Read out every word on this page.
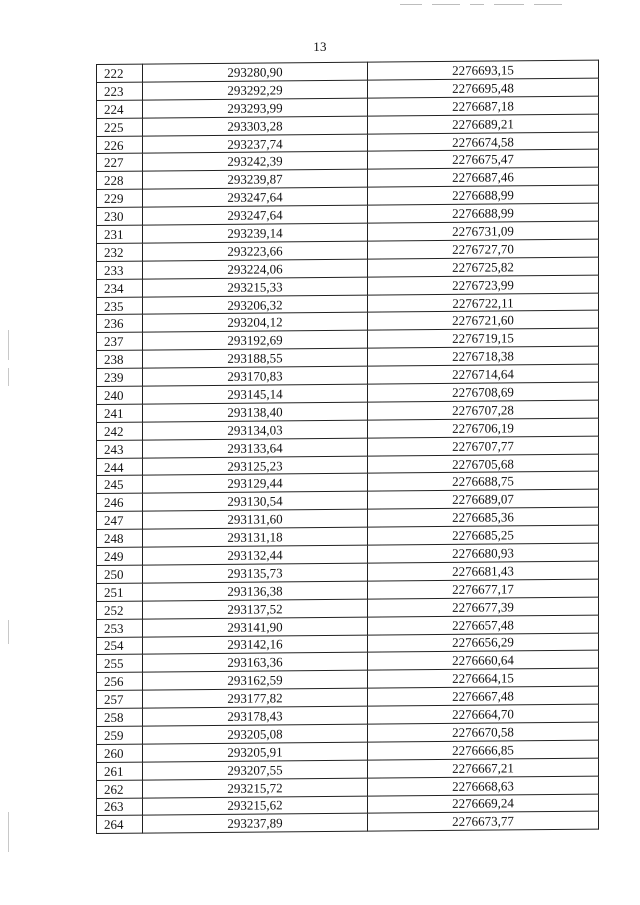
13
222	293280,90	2276693,15
223	293292,29	2276695,48
224	293293,99	2276687,18
225	293303,28	2276689,21
226	293237,74	2276674,58
227	293242,39	2276675,47
228	293239,87	2276687,46
229	293247,64	2276688,99
230	293247,64	2276688,99
231	293239,14	2276731,09
232	293223,66	2276727,70
233	293224,06	2276725,82
234	293215,33	2276723,99
235	293206,32	2276722,11
236	293204,12	2276721,60
237	293192,69	2276719,15
238	293188,55	2276718,38
239	293170,83	2276714,64
240	293145,14	2276708,69
241	293138,40	2276707,28
242	293134,03	2276706,19
243	293133,64	2276707,77
244	293125,23	2276705,68
245	293129,44	2276688,75
246	293130,54	2276689,07
247	293131,60	2276685,36
248	293131,18	2276685,25
249	293132,44	2276680,93
250	293135,73	2276681,43
251	293136,38	2276677,17
252	293137,52	2276677,39
253	293141,90	2276657,48
254	293142,16	2276656,29
255	293163,36	2276660,64
256	293162,59	2276664,15
257	293177,82	2276667,48
258	293178,43	2276664,70
259	293205,08	2276670,58
260	293205,91	2276666,85
261	293207,55	2276667,21
262	293215,72	2276668,63
263	293215,62	2276669,24
264	293237,89	2276673,77
